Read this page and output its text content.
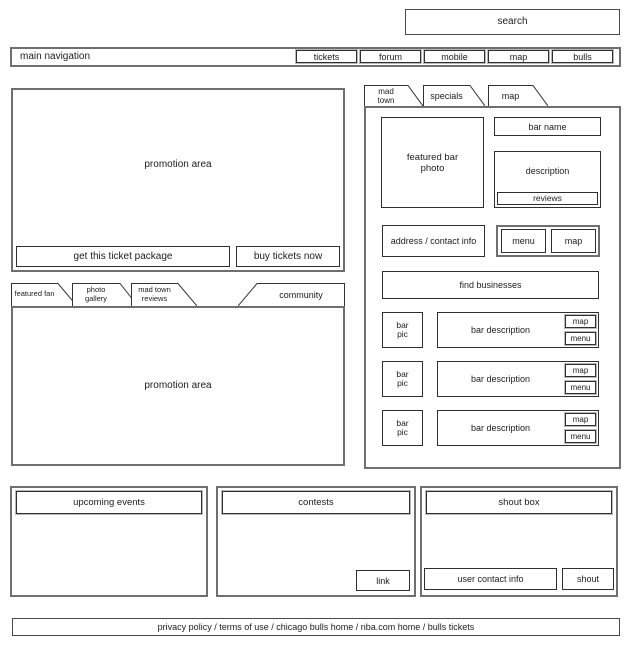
search
main navigation	tickets	forum	mobile	map	bulls
promotion area
get this ticket package	buy tickets now
featured fan	photo gallery
mad town reviews	community
promotion area
mad town	specials	map
featured bar photo
bar name
description
reviews
address / contact info	menu	map
find businesses
bar pic	bar description
map
menu
bar pic	bar description
map
menu
bar pic	bar description
map
menu
upcoming events	contests
link
shout box
user contact info	shout
privacy policy / terms of use / chicago bulls home / nba.com home / bulls tickets
